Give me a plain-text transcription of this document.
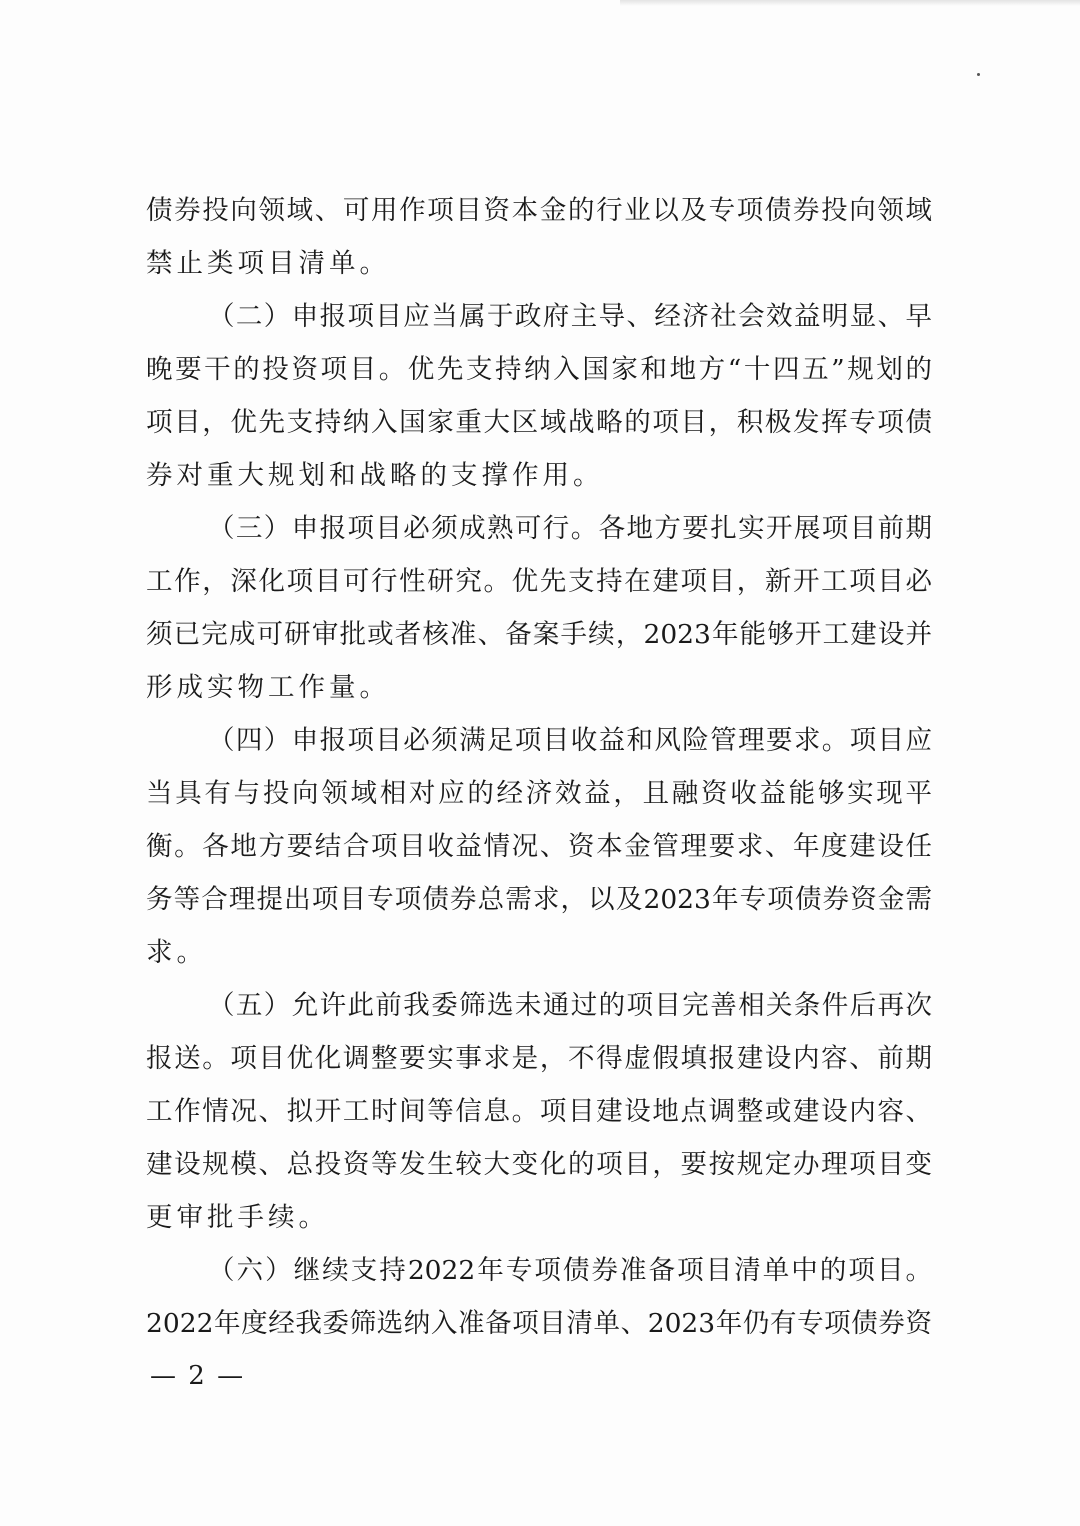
债券投向领域、可用作项目资本金的行业以及专项债券投向领域
禁止类项目清单。
（二）申报项目应当属于政府主导、经济社会效益明显、早
晚要干的投资项目。优先支持纳入国家和地方“十四五”规划的
项目，优先支持纳入国家重大区域战略的项目，积极发挥专项债
券对重大规划和战略的支撑作用。
（三）申报项目必须成熟可行。各地方要扎实开展项目前期
工作，深化项目可行性研究。优先支持在建项目，新开工项目必
须已完成可研审批或者核准、备案手续，2023年能够开工建设并
形成实物工作量。
（四）申报项目必须满足项目收益和风险管理要求。项目应
当具有与投向领域相对应的经济效益，且融资收益能够实现平
衡。各地方要结合项目收益情况、资本金管理要求、年度建设任
务等合理提出项目专项债券总需求，以及2023年专项债券资金需
求。
（五）允许此前我委筛选未通过的项目完善相关条件后再次
报送。项目优化调整要实事求是，不得虚假填报建设内容、前期
工作情况、拟开工时间等信息。项目建设地点调整或建设内容、
建设规模、总投资等发生较大变化的项目，要按规定办理项目变
更审批手续。
（六）继续支持2022年专项债券准备项目清单中的项目。
2022年度经我委筛选纳入准备项目清单、2023年仍有专项债券资
— 2 —
